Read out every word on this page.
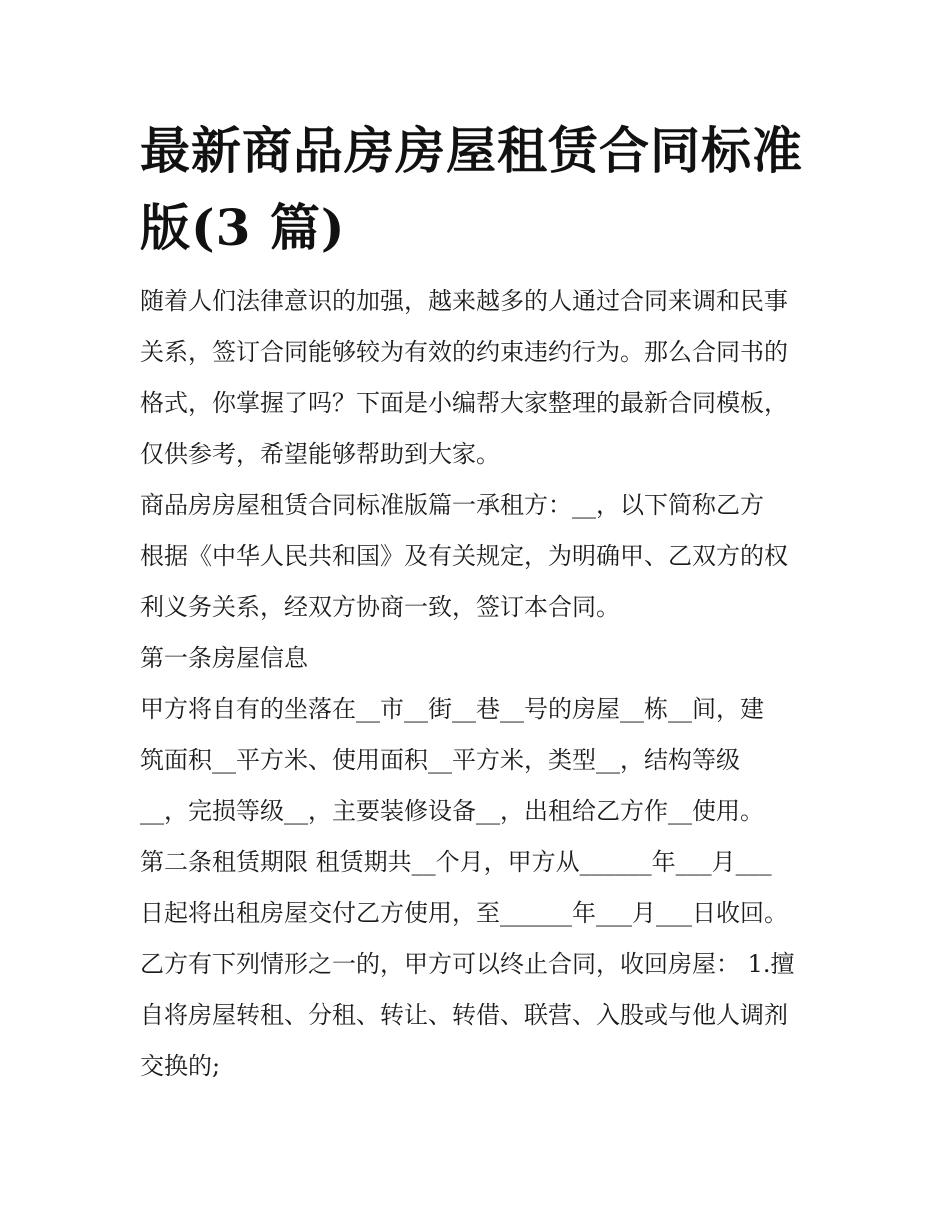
最新商品房房屋租赁合同标准
版(3 篇)
随着人们法律意识的加强，越来越多的人通过合同来调和民事
关系，签订合同能够较为有效的约束违约行为。那么合同书的
格式，你掌握了吗？下面是小编帮大家整理的最新合同模板，
仅供参考，希望能够帮助到大家。
商品房房屋租赁合同标准版篇一承租方：__，以下简称乙方
根据《中华人民共和国》及有关规定，为明确甲、乙双方的权
利义务关系，经双方协商一致，签订本合同。
第一条房屋信息
甲方将自有的坐落在__市__街__巷__号的房屋__栋__间，建
筑面积__平方米、使用面积__平方米，类型__，结构等级
__，完损等级__，主要装修设备__，出租给乙方作__使用。
第二条租赁期限 租赁期共__个月，甲方从______年___月___
日起将出租房屋交付乙方使用，至______年___月___日收回。
乙方有下列情形之一的，甲方可以终止合同，收回房屋： 1.擅
自将房屋转租、分租、转让、转借、联营、入股或与他人调剂
交换的;
